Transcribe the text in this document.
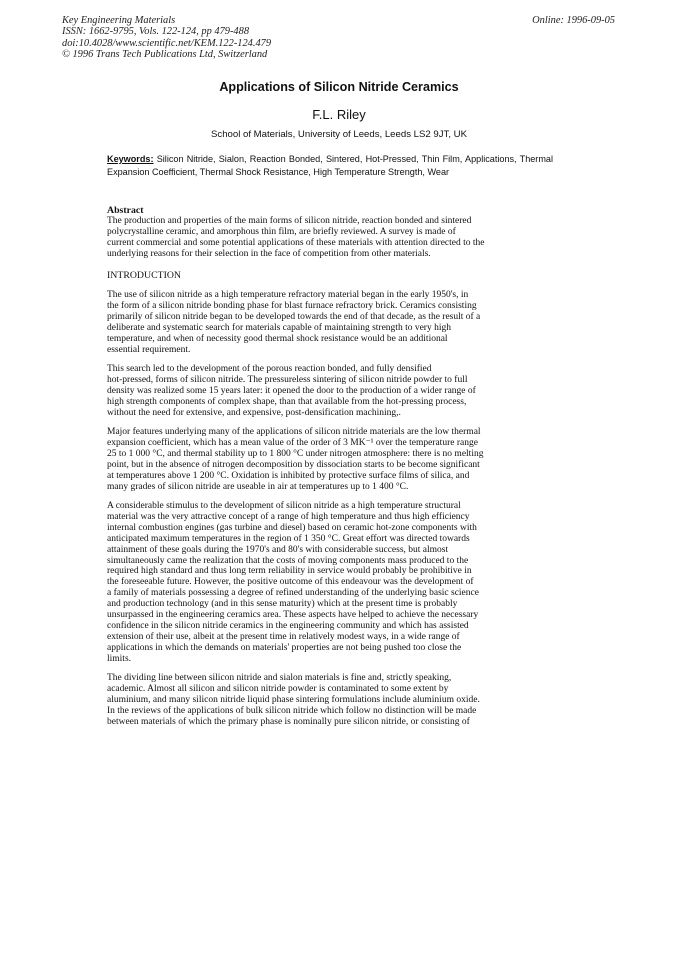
Key Engineering Materials
ISSN: 1662-9795, Vols. 122-124, pp 479-488
doi:10.4028/www.scientific.net/KEM.122-124.479
© 1996 Trans Tech Publications Ltd, Switzerland
Online: 1996-09-05
Applications of Silicon Nitride Ceramics
F.L. Riley
School of Materials, University of Leeds, Leeds LS2 9JT, UK
Keywords: Silicon Nitride, Sialon, Reaction Bonded, Sintered, Hot-Pressed, Thin Film, Applications, Thermal Expansion Coefficient, Thermal Shock Resistance, High Temperature Strength, Wear
Abstract
The production and properties of the main forms of silicon nitride, reaction bonded and sintered
polycrystalline ceramic, and amorphous thin film, are briefly reviewed. A survey is made of
current commercial and some potential applications of these materials with attention directed to the
underlying reasons for their selection in the face of competition from other materials.
INTRODUCTION
The use of silicon nitride as a high temperature refractory material began in the early 1950's, in
the form of a silicon nitride bonding phase for blast furnace refractory brick. Ceramics consisting
primarily of silicon nitride began to be developed towards the end of that decade, as the result of a
deliberate and systematic search for materials capable of maintaining strength to very high
temperature, and when of necessity good thermal shock resistance would be an additional
essential requirement.
This search led to the development of the porous reaction bonded, and fully densified
hot-pressed, forms of silicon nitride. The pressureless sintering of silicon nitride powder to full
density was realized some 15 years later: it opened the door to the production of a wider range of
high strength components of complex shape, than that available from the hot-pressing process,
without the need for extensive, and expensive, post-densification machining,.
Major features underlying many of the applications of silicon nitride materials are the low thermal
expansion coefficient, which has a mean value of the order of 3 MK⁻¹ over the temperature range
25 to 1 000 °C, and thermal stability up to 1 800 °C under nitrogen atmosphere: there is no melting
point, but in the absence of nitrogen decomposition by dissociation starts to be become significant
at temperatures above 1 200 °C. Oxidation is inhibited by protective surface films of silica, and
many grades of silicon nitride are useable in air at temperatures up to 1 400 °C.
A considerable stimulus to the development of silicon nitride as a high temperature structural
material was the very attractive concept of a range of high temperature and thus high efficiency
internal combustion engines (gas turbine and diesel) based on ceramic hot-zone components with
anticipated maximum temperatures in the region of 1 350 °C. Great effort was directed towards
attainment of these goals during the 1970's and 80's with considerable success, but almost
simultaneously came the realization that the costs of moving components mass produced to the
required high standard and thus long term reliability in service would probably be prohibitive in
the foreseeable future. However, the positive outcome of this endeavour was the development of
a family of materials possessing a degree of refined understanding of the underlying basic science
and production technology (and in this sense maturity) which at the present time is probably
unsurpassed in the engineering ceramics area. These aspects have helped to achieve the necessary
confidence in the silicon nitride ceramics in the engineering community and which has assisted
extension of their use, albeit at the present time in relatively modest ways, in a wide range of
applications in which the demands on materials' properties are not being pushed too close the
limits.
The dividing line between silicon nitride and sialon materials is fine and, strictly speaking,
academic. Almost all silicon and silicon nitride powder is contaminated to some extent by
aluminium, and many silicon nitride liquid phase sintering formulations include aluminium oxide.
In the reviews of the applications of bulk silicon nitride which follow no distinction will be made
between materials of which the primary phase is nominally pure silicon nitride, or consisting of
